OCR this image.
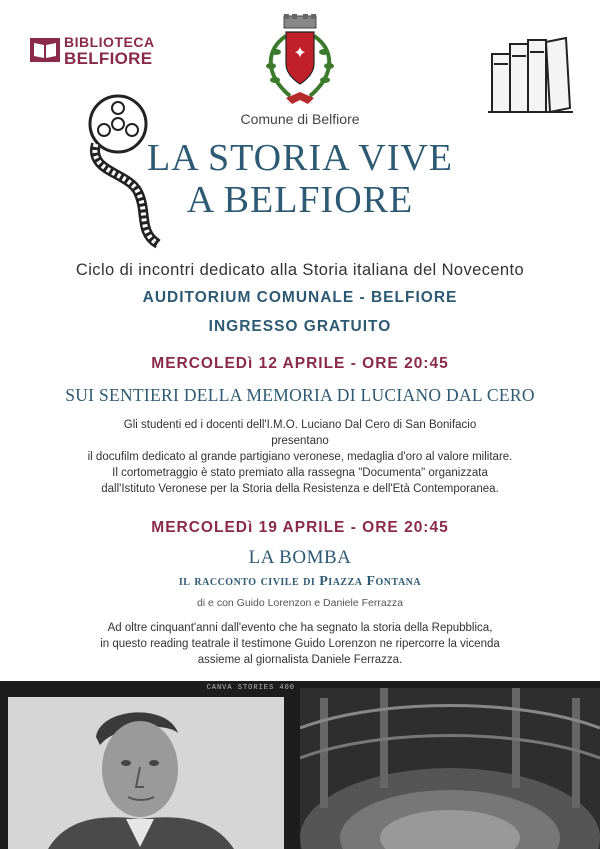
BIBLIOTECA
BELFIORE	✦
Comune di Belfiore
LA STORIA VIVE
A BELFIORE
Ciclo di incontri dedicato alla Storia italiana del Novecento
AUDITORIUM COMUNALE - BELFIORE
INGRESSO GRATUITO
MERCOLEDì 12 APRILE - ORE 20:45
SUI SENTIERI DELLA MEMORIA DI LUCIANO DAL CERO
Gli studenti ed i docenti dell'I.M.O. Luciano Dal Cero di San Bonifacio
presentano
il docufilm dedicato al grande partigiano veronese, medaglia d'oro al valore militare.
Il cortometraggio è stato premiato alla rassegna "Documenta" organizzata
dall'Istituto Veronese per la Storia della Resistenza e dell'Età Contemporanea.
MERCOLEDì 19 APRILE - ORE 20:45
LA BOMBA
il racconto civile di Piazza Fontana
di e con Guido Lorenzon e Daniele Ferrazza
Ad oltre cinquant'anni dall'evento che ha segnato la storia della Repubblica,
in questo reading teatrale il testimone Guido Lorenzon ne ripercorre la vicenda
assieme al giornalista Daniele Ferrazza.
CANVA STORIES 400
